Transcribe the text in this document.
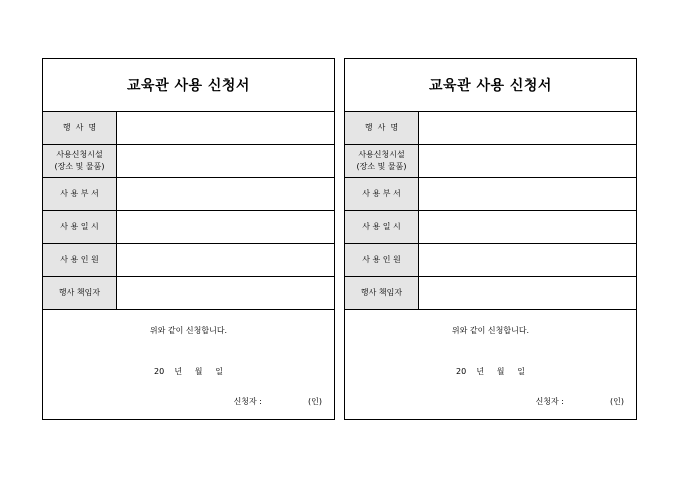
교육관 사용 신청서
행  사  명
사용신청시설
(장소 및 물품)
사 용 부 서
사 용 일 시
사 용 인 원
행사 책임자
위와 같이 신청합니다.
20    년     월     일
신청자 :	(인)
교육관 사용 신청서
행  사  명
사용신청시설
(장소 및 물품)
사 용 부 서
사 용 일 시
사 용 인 원
행사 책임자
위와 같이 신청합니다.
20    년     월     일
신청자 :	(인)
